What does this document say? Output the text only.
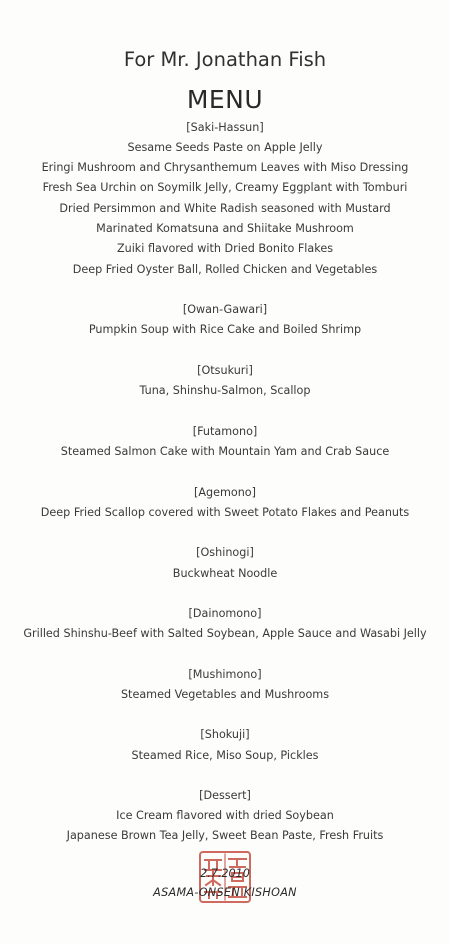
For Mr. Jonathan Fish
MENU
[Saki-Hassun]
Sesame Seeds Paste on Apple Jelly
Eringi Mushroom and Chrysanthemum Leaves with Miso Dressing
Fresh Sea Urchin on Soymilk Jelly, Creamy Eggplant with Tomburi
Dried Persimmon and White Radish seasoned with Mustard
Marinated Komatsuna and Shiitake Mushroom
Zuiki flavored with Dried Bonito Flakes
Deep Fried Oyster Ball, Rolled Chicken and Vegetables
[Owan-Gawari]
Pumpkin Soup with Rice Cake and Boiled Shrimp
[Otsukuri]
Tuna, Shinshu-Salmon, Scallop
[Futamono]
Steamed Salmon Cake with Mountain Yam and Crab Sauce
[Agemono]
Deep Fried Scallop covered with Sweet Potato Flakes and Peanuts
[Oshinogi]
Buckwheat Noodle
[Dainomono]
Grilled Shinshu-Beef with Salted Soybean, Apple Sauce and Wasabi Jelly
[Mushimono]
Steamed Vegetables and Mushrooms
[Shokuji]
Steamed Rice, Miso Soup, Pickles
[Dessert]
Ice Cream flavored with dried Soybean
Japanese Brown Tea Jelly, Sweet Bean Paste, Fresh Fruits
2.7.2010
ASAMA-ONSEN KISHOAN
